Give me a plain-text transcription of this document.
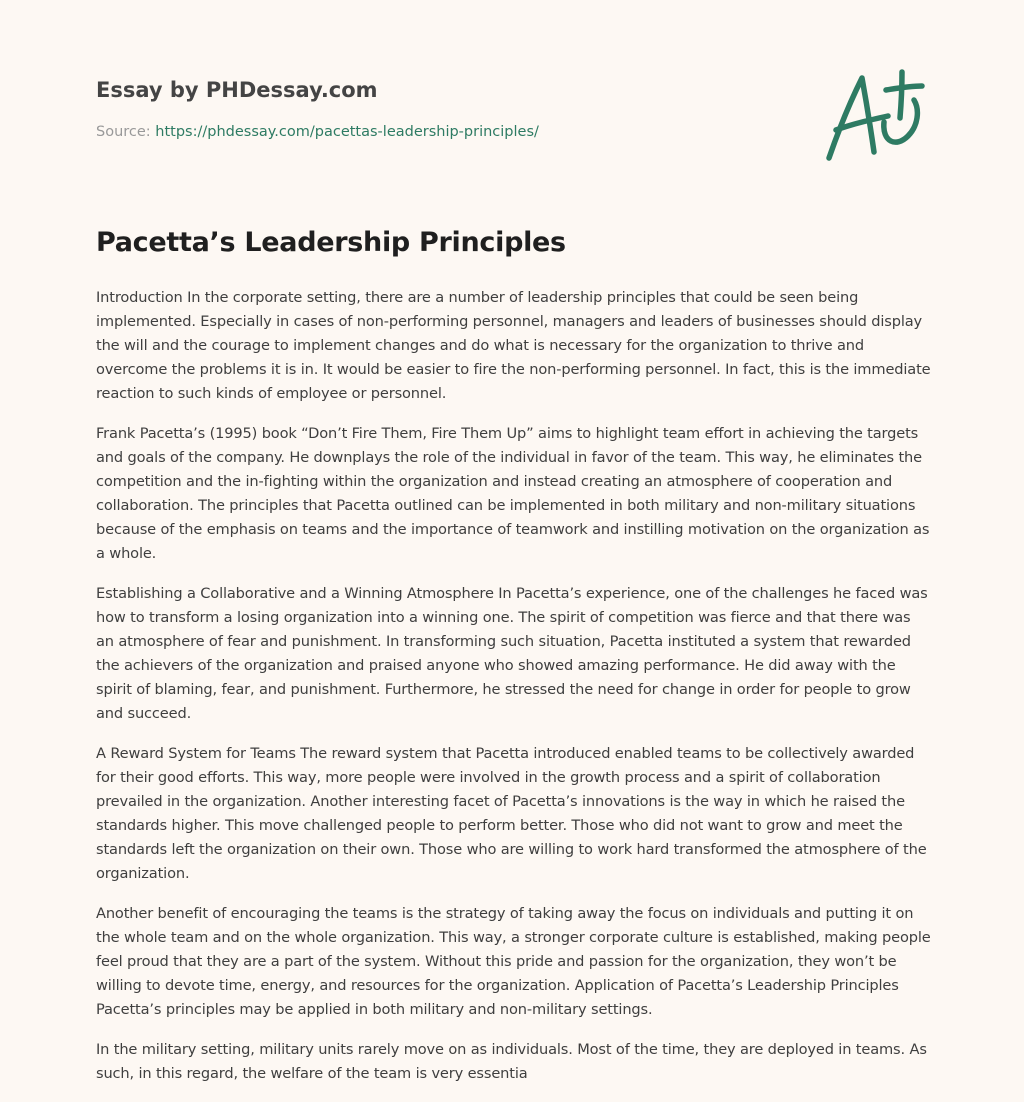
Essay by PHDessay.com
Source: https://phdessay.com/pacettas-leadership-principles/
Pacetta’s Leadership Principles

Introduction In the corporate setting, there are a number of leadership principles that could be seen being implemented. Especially in cases of non-performing personnel, managers and leaders of businesses should display the will and the courage to implement changes and do what is necessary for the organization to thrive and overcome the problems it is in. It would be easier to fire the non-performing personnel. In fact, this is the immediate reaction to such kinds of employee or personnel.

Frank Pacetta’s (1995) book “Don’t Fire Them, Fire Them Up” aims to highlight team effort in achieving the targets and goals of the company. He downplays the role of the individual in favor of the team. This way, he eliminates the competition and the in-fighting within the organization and instead creating an atmosphere of cooperation and collaboration. The principles that Pacetta outlined can be implemented in both military and non-military situations because of the emphasis on teams and the importance of teamwork and instilling motivation on the organization as a whole.

Establishing a Collaborative and a Winning Atmosphere In Pacetta’s experience, one of the challenges he faced was how to transform a losing organization into a winning one. The spirit of competition was fierce and that there was an atmosphere of fear and punishment. In transforming such situation, Pacetta instituted a system that rewarded the achievers of the organization and praised anyone who showed amazing performance. He did away with the spirit of blaming, fear, and punishment. Furthermore, he stressed the need for change in order for people to grow and succeed.

A Reward System for Teams The reward system that Pacetta introduced enabled teams to be collectively awarded for their good efforts. This way, more people were involved in the growth process and a spirit of collaboration prevailed in the organization. Another interesting facet of Pacetta’s innovations is the way in which he raised the standards higher. This move challenged people to perform better. Those who did not want to grow and meet the standards left the organization on their own. Those who are willing to work hard transformed the atmosphere of the organization.

Another benefit of encouraging the teams is the strategy of taking away the focus on individuals and putting it on the whole team and on the whole organization. This way, a stronger corporate culture is established, making people feel proud that they are a part of the system. Without this pride and passion for the organization, they won’t be willing to devote time, energy, and resources for the organization. Application of Pacetta’s Leadership Principles Pacetta’s principles may be applied in both military and non-military settings.

In the military setting, military units rarely move on as individuals. Most of the time, they are deployed in teams. As such, in this regard, the welfare of the team is very essentia
